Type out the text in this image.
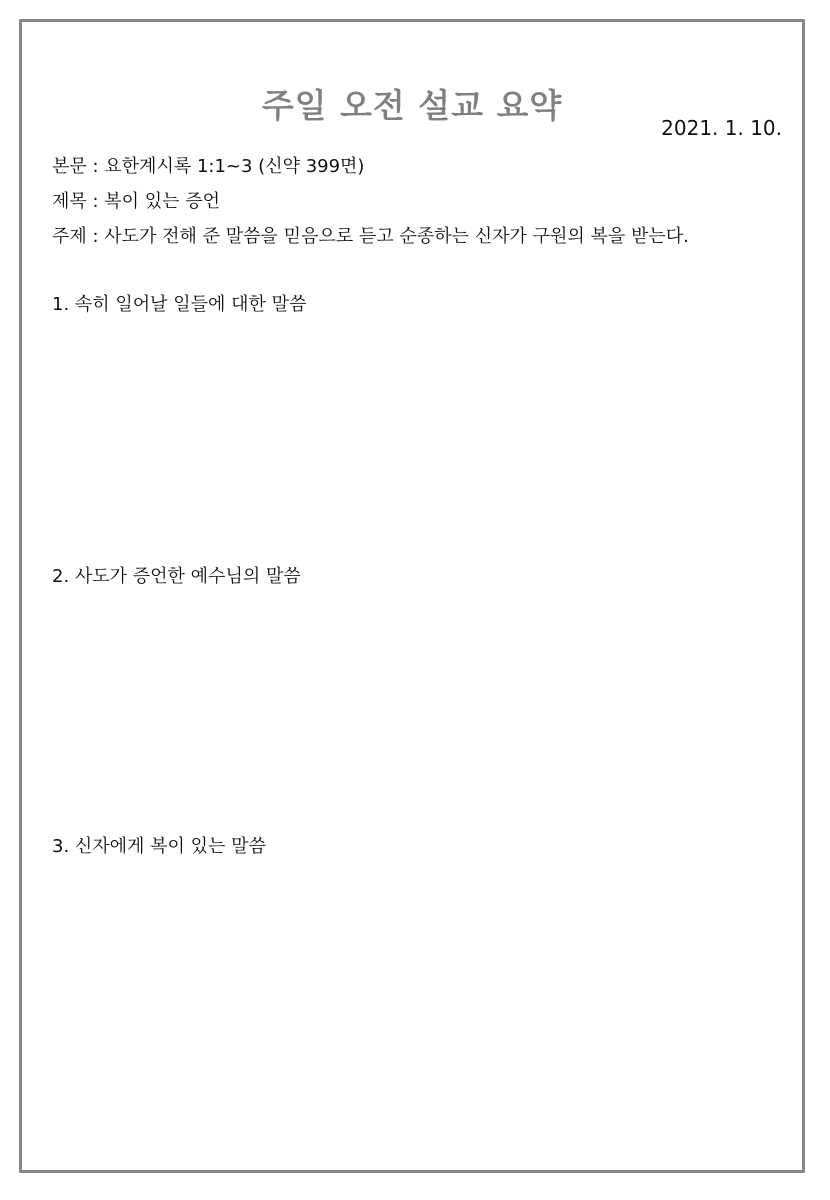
주일 오전 설교 요약
2021. 1. 10.
본문 : 요한계시록 1:1~3 (신약 399면)
제목 : 복이 있는 증언
주제 : 사도가 전해 준 말씀을 믿음으로 듣고 순종하는 신자가 구원의 복을 받는다.
1. 속히 일어날 일들에 대한 말씀
2. 사도가 증언한 예수님의 말씀
3. 신자에게 복이 있는 말씀
